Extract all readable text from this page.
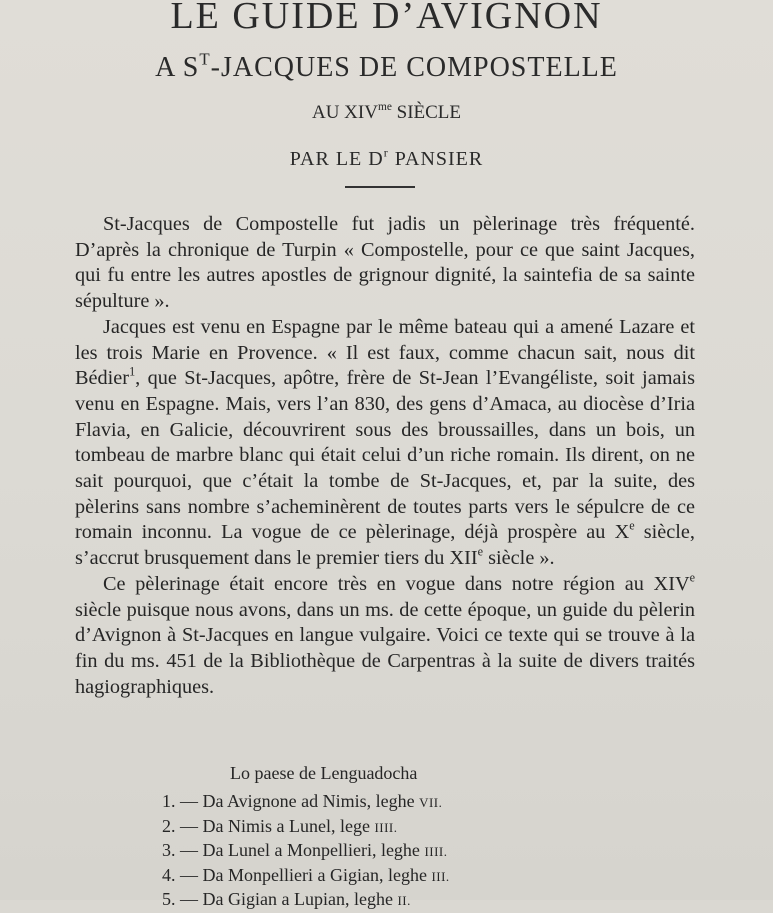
LE GUIDE D’AVIGNON
A $S^T$-JACQUES DE COMPOSTELLE
AU $XIV^{me}$ SIÈCLE
PAR LE $D^r$ PANSIER

St-Jacques de Compostelle fut jadis un pèlerinage très fréquenté. D’après la chronique de Turpin « Compostelle, pour ce que saint Jacques, qui fu entre les autres apostles de grignour dignité, la saintefia de sa sainte sépulture ».

Jacques est venu en Espagne par le même bateau qui a amené Lazare et les trois Marie en Provence. « Il est faux, comme chacun sait, nous dit Bédier$^1$, que St-Jacques, apôtre, frère de St-Jean l’Evangéliste, soit jamais venu en Espagne. Mais, vers l’an 830, des gens d’Amaca, au diocèse d’Iria Flavia, en Galicie, découvrirent sous des broussailles, dans un bois, un tombeau de marbre blanc qui était celui d’un riche romain. Ils dirent, on ne sait pourquoi, que c’était la tombe de St-Jacques, et, par la suite, des pèlerins sans nombre s’acheminèrent de toutes parts vers le sépulcre de ce romain inconnu. La vogue de ce pèlerinage, déjà prospère au Xe siècle, s’accrut brusquement dans le premier tiers du XIIe siècle ».

Ce pèlerinage était encore très en vogue dans notre région au XIVe siècle puisque nous avons, dans un ms. de cette époque, un guide du pèlerin d’Avignon à St-Jacques en langue vulgaire. Voici ce texte qui se trouve à la fin du ms. 451 de la Bibliothèque de Carpentras à la suite de divers traités hagiographiques.

Lo paese de Lenguadocha
1. — Da Avignone ad Nimis, leghe VII.
2. — Da Nimis a Lunel, lege IIII.
3. — Da Lunel a Monpellieri, leghe IIII.
4. — Da Monpellieri a Gigian, leghe III.
5. — Da Gigian a Lupian, leghe II.
